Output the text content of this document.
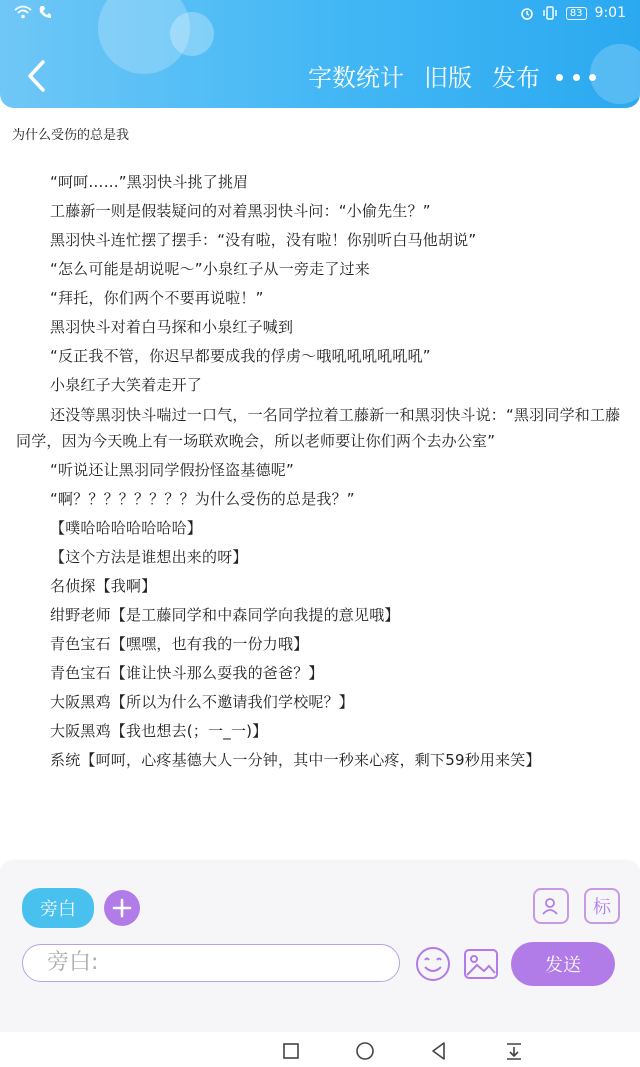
83 9:01
字数统计 旧版 发布
为什么受伤的总是我

“呵呵……”黑羽快斗挑了挑眉

工藤新一则是假装疑问的对着黑羽快斗问：“小偷先生？”

黑羽快斗连忙摆了摆手：“没有啦，没有啦！你别听白马他胡说”

“怎么可能是胡说呢～”小泉红子从一旁走了过来

“拜托，你们两个不要再说啦！”

黑羽快斗对着白马探和小泉红子喊到

“反正我不管，你迟早都要成我的俘虏～哦吼吼吼吼吼吼”

小泉红子大笑着走开了

还没等黑羽快斗喘过一口气，一名同学拉着工藤新一和黑羽快斗说：“黑羽同学和工藤同学，因为今天晚上有一场联欢晚会，所以老师要让你们两个去办公室”

“听说还让黑羽同学假扮怪盗基德呢”

“啊？？？？？？？？为什么受伤的总是我？”

【噗哈哈哈哈哈哈哈】

【这个方法是谁想出来的呀】

名侦探【我啊】

绀野老师【是工藤同学和中森同学向我提的意见哦】

青色宝石【嘿嘿，也有我的一份力哦】

青色宝石【谁让快斗那么耍我的爸爸？】

大阪黑鸡【所以为什么不邀请我们学校呢？】

大阪黑鸡【我也想去(；一_一)】

系统【呵呵，心疼基德大人一分钟，其中一秒来心疼，剩下59秒用来笑】

旁白	标
旁白:	发送
